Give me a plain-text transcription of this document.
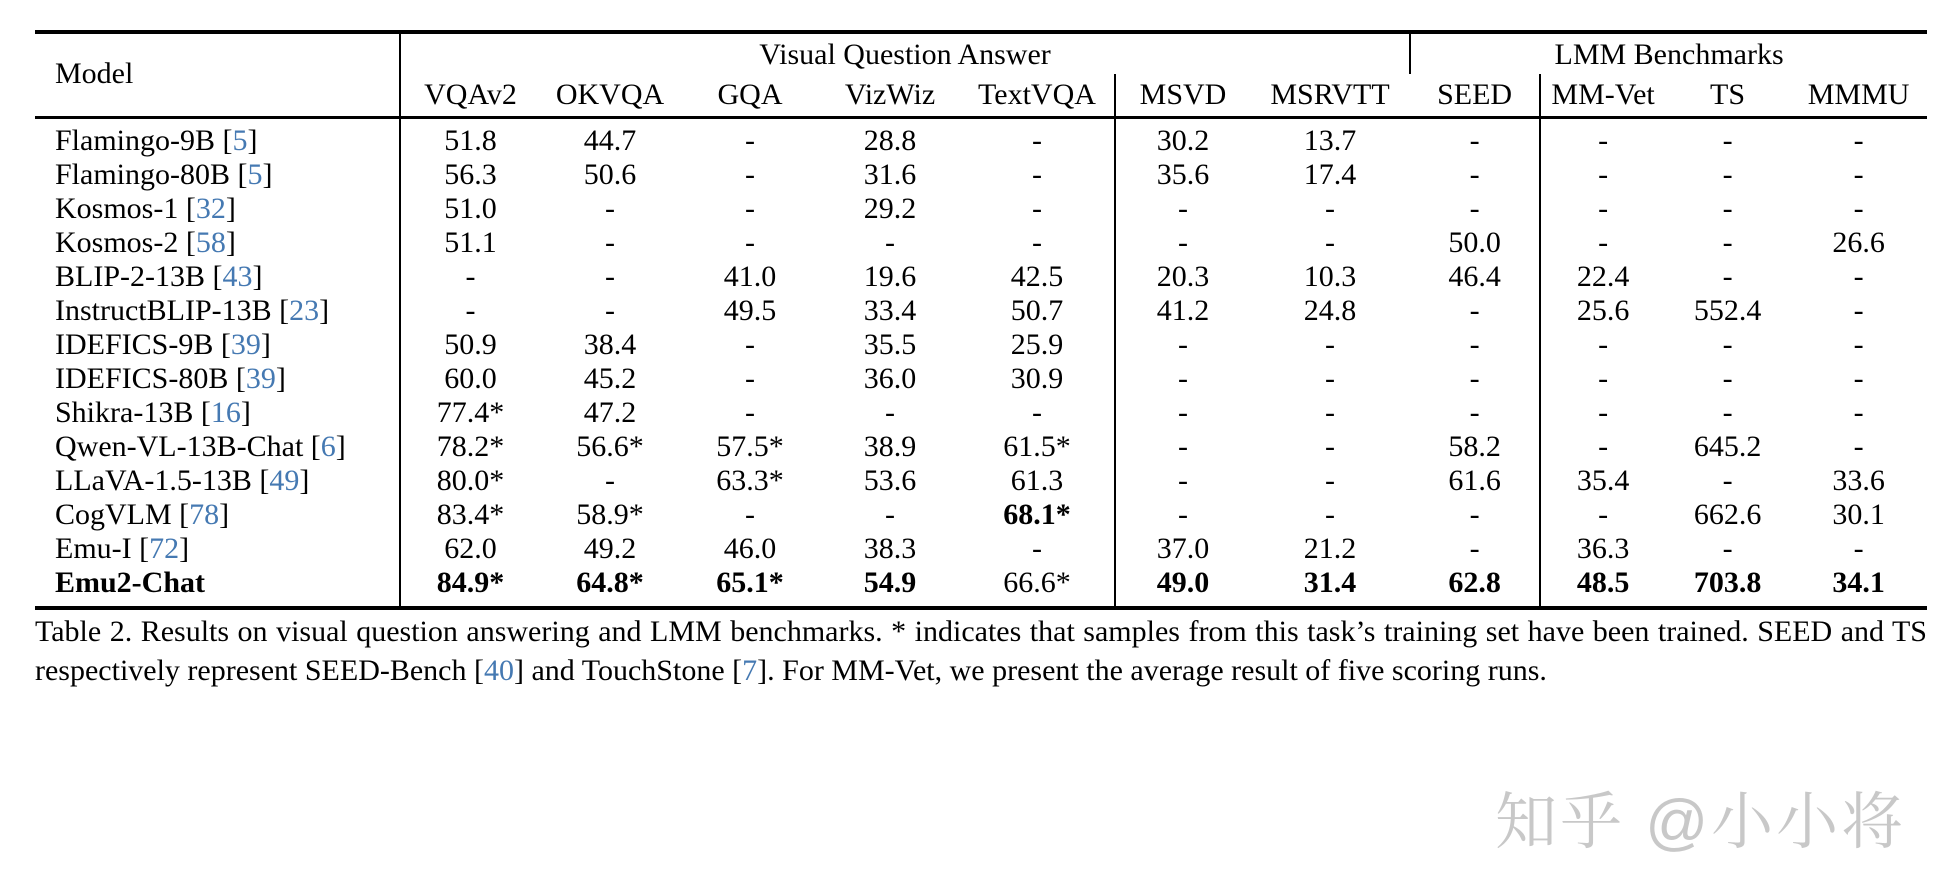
Model	Visual Question Answer							LMM Benchmarks			
	VQAv2	OKVQA	GQA	VizWiz	TextVQA	MSVD	MSRVTT	SEED	MM-Vet	TS	MMMU
Flamingo-9B [5]	51.8	44.7	-	28.8	-	30.2	13.7	-	-	-	-
Flamingo-80B [5]	56.3	50.6	-	31.6	-	35.6	17.4	-	-	-	-
Kosmos-1 [32]	51.0	-	-	29.2	-	-	-	-	-	-	-
Kosmos-2 [58]	51.1	-	-	-	-	-	-	50.0	-	-	26.6
BLIP-2-13B [43]	-	-	41.0	19.6	42.5	20.3	10.3	46.4	22.4	-	-
InstructBLIP-13B [23]	-	-	49.5	33.4	50.7	41.2	24.8	-	25.6	552.4	-
IDEFICS-9B [39]	50.9	38.4	-	35.5	25.9	-	-	-	-	-	-
IDEFICS-80B [39]	60.0	45.2	-	36.0	30.9	-	-	-	-	-	-
Shikra-13B [16]	77.4*	47.2	-	-	-	-	-	-	-	-	-
Qwen-VL-13B-Chat [6]	78.2*	56.6*	57.5*	38.9	61.5*	-	-	58.2	-	645.2	-
LLaVA-1.5-13B [49]	80.0*	-	63.3*	53.6	61.3	-	-	61.6	35.4	-	33.6
CogVLM [78]	83.4*	58.9*	-	-	68.1*	-	-	-	-	662.6	30.1
Emu-I [72]	62.0	49.2	46.0	38.3	-	37.0	21.2	-	36.3	-	-
Emu2-Chat	84.9*	64.8*	65.1*	54.9	66.6*	49.0	31.4	62.8	48.5	703.8	34.1

Table 2. Results on visual question answering and LMM benchmarks. * indicates that samples from this task’s training set have been trained. SEED and TS respectively represent SEED-Bench [40] and TouchStone [7]. For MM-Vet, we present the average result of five scoring runs.

知乎 @小小将
